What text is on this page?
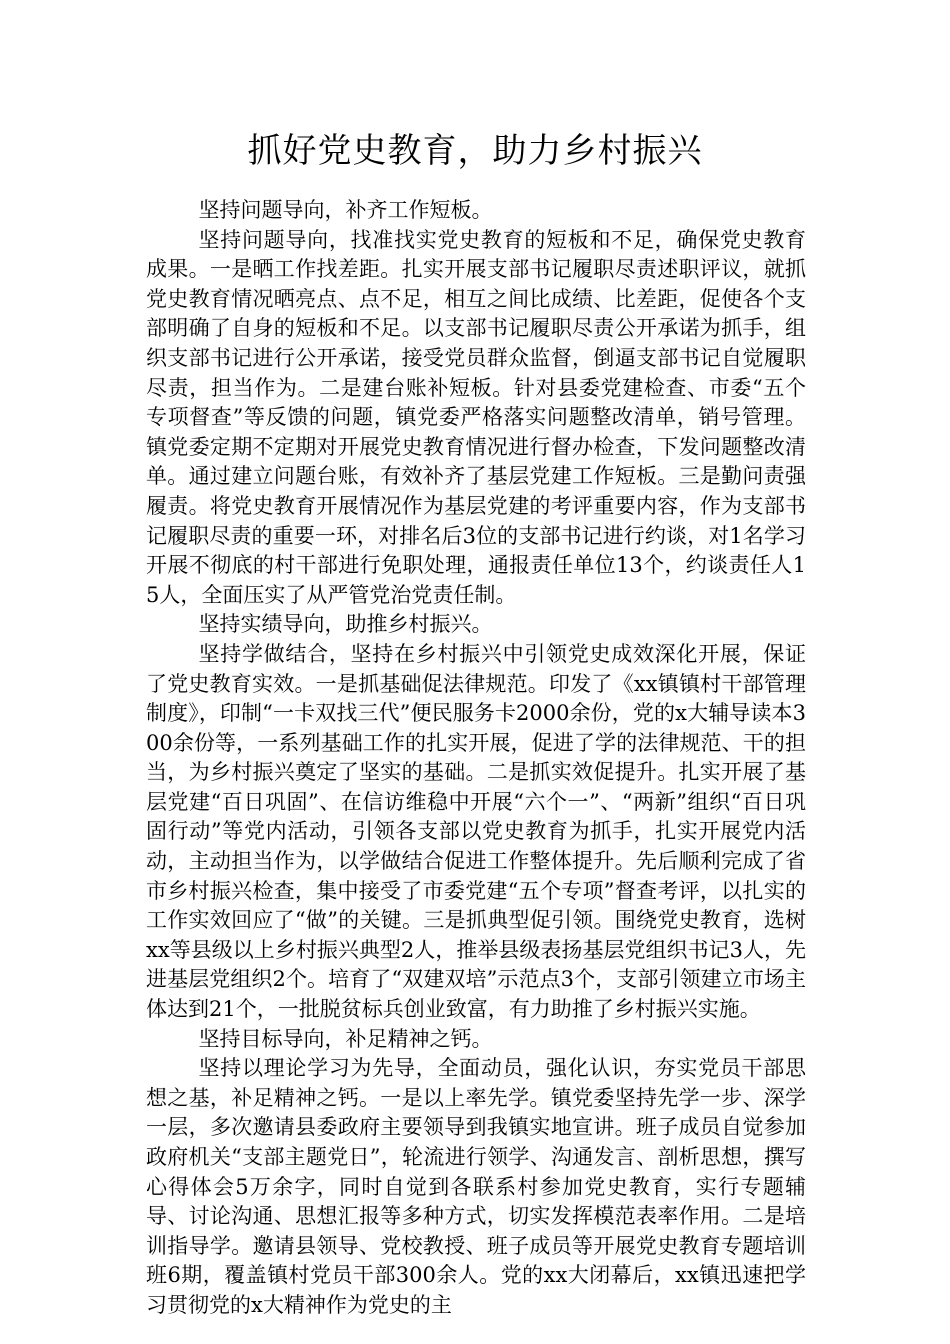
抓好党史教育，助力乡村振兴

坚持问题导向，补齐工作短板。

坚持问题导向，找准找实党史教育的短板和不足，确保党史教育成果。一是晒工作找差距。扎实开展支部书记履职尽责述职评议，就抓党史教育情况晒亮点、点不足，相互之间比成绩、比差距，促使各个支部明确了自身的短板和不足。以支部书记履职尽责公开承诺为抓手，组织支部书记进行公开承诺，接受党员群众监督，倒逼支部书记自觉履职尽责，担当作为。二是建台账补短板。针对县委党建检查、市委“五个专项督查”等反馈的问题，镇党委严格落实问题整改清单，销号管理。镇党委定期不定期对开展党史教育情况进行督办检查，下发问题整改清单。通过建立问题台账，有效补齐了基层党建工作短板。三是勤问责强履责。将党史教育开展情况作为基层党建的考评重要内容，作为支部书记履职尽责的重要一环，对排名后3位的支部书记进行约谈，对1名学习开展不彻底的村干部进行免职处理，通报责任单位13个，约谈责任人15人，全面压实了从严管党治党责任制。

坚持实绩导向，助推乡村振兴。

坚持学做结合，坚持在乡村振兴中引领党史成效深化开展，保证了党史教育实效。一是抓基础促法律规范。印发了《xx镇镇村干部管理制度》，印制“一卡双找三代”便民服务卡2000余份，党的x大辅导读本300余份等，一系列基础工作的扎实开展，促进了学的法律规范、干的担当，为乡村振兴奠定了坚实的基础。二是抓实效促提升。扎实开展了基层党建“百日巩固”、在信访维稳中开展“六个一”、“两新”组织“百日巩固行动”等党内活动，引领各支部以党史教育为抓手，扎实开展党内活动，主动担当作为，以学做结合促进工作整体提升。先后顺利完成了省市乡村振兴检查，集中接受了市委党建“五个专项”督查考评，以扎实的工作实效回应了“做”的关键。三是抓典型促引领。围绕党史教育，选树xx等县级以上乡村振兴典型2人，推举县级表扬基层党组织书记3人，先进基层党组织2个。培育了“双建双培”示范点3个，支部引领建立市场主体达到21个，一批脱贫标兵创业致富，有力助推了乡村振兴实施。

坚持目标导向，补足精神之钙。

坚持以理论学习为先导，全面动员，强化认识，夯实党员干部思想之基，补足精神之钙。一是以上率先学。镇党委坚持先学一步、深学一层，多次邀请县委政府主要领导到我镇实地宣讲。班子成员自觉参加政府机关“支部主题党日”，轮流进行领学、沟通发言、剖析思想，撰写心得体会5万余字，同时自觉到各联系村参加党史教育，实行专题辅导、讨论沟通、思想汇报等多种方式，切实发挥模范表率作用。二是培训指导学。邀请县领导、党校教授、班子成员等开展党史教育专题培训班6期，覆盖镇村党员干部300余人。党的xx大闭幕后，xx镇迅速把学习贯彻党的x大精神作为党史的主
